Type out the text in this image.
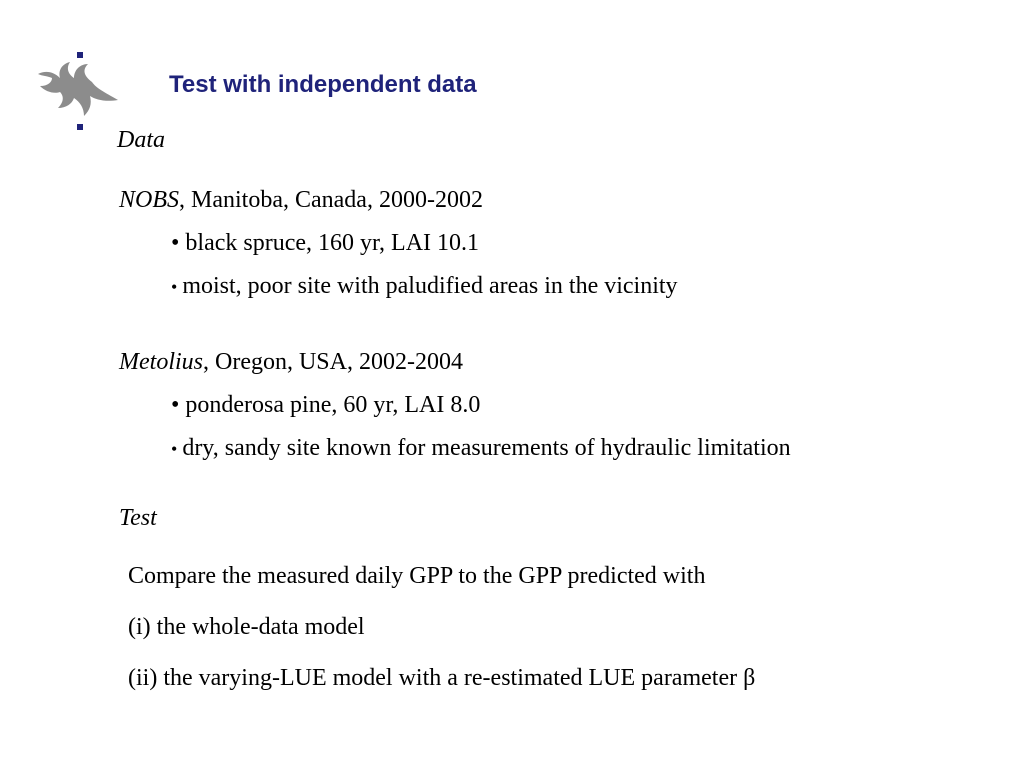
Test with independent data
Data
NOBS, Manitoba, Canada, 2000-2002
• black spruce, 160 yr, LAI 10.1
• moist, poor site with paludified areas in the vicinity
Metolius, Oregon, USA, 2002-2004
• ponderosa pine, 60 yr, LAI 8.0
• dry, sandy site known for measurements of hydraulic limitation
Test
Compare the measured daily GPP to the GPP predicted with
(i) the whole-data model
(ii) the varying-LUE model with a re-estimated LUE parameter β
